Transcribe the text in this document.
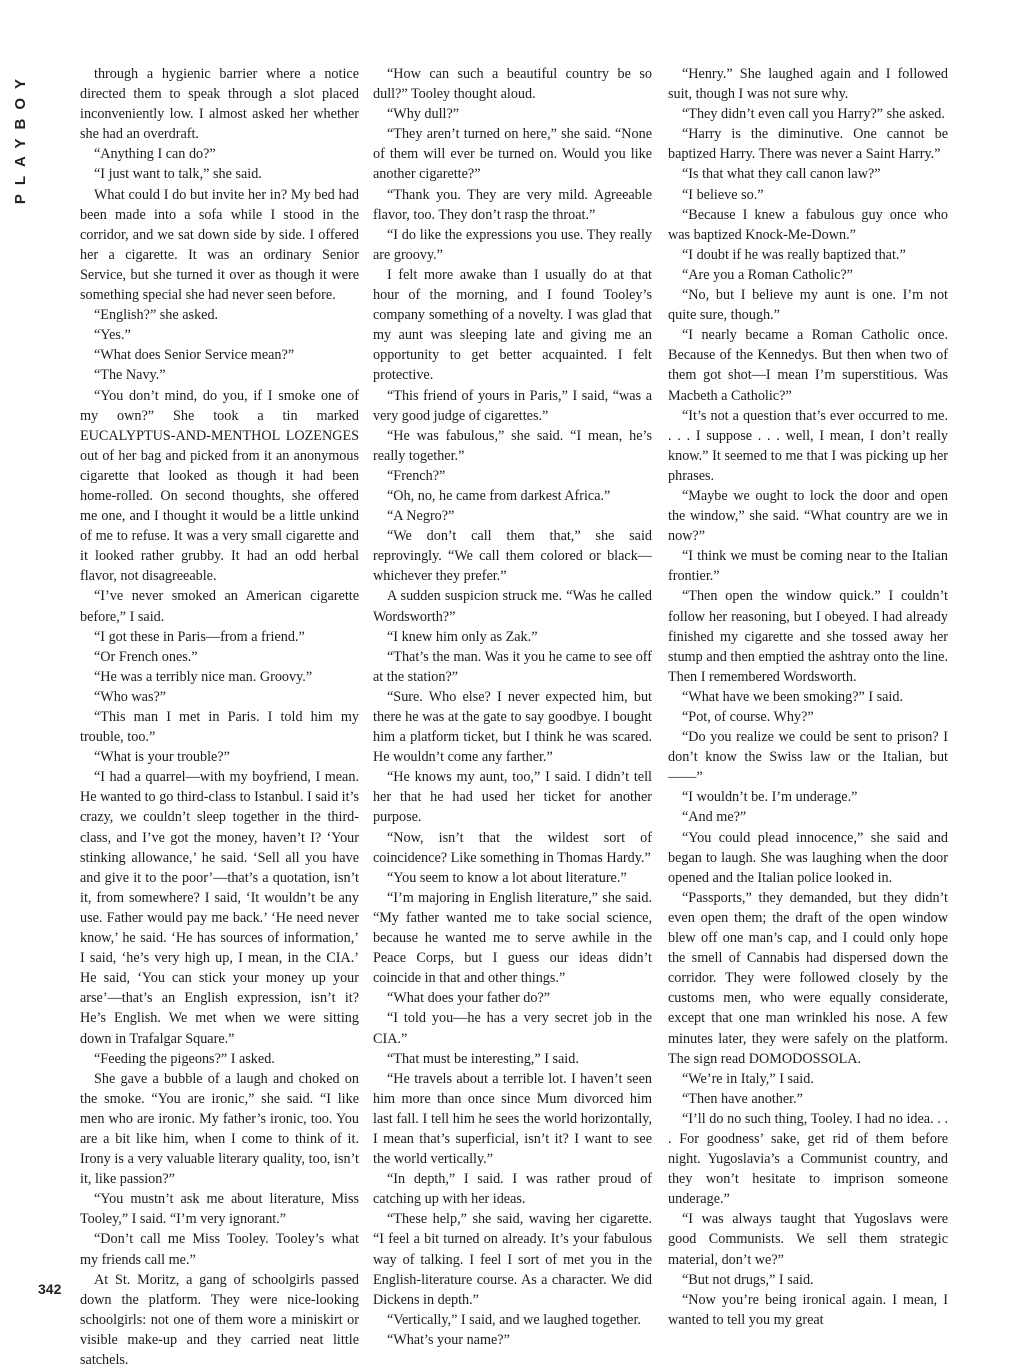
PLAYBOY	through a hygienic barrier where a notice directed them to speak through a slot placed inconveniently low. I almost asked her whether she had an overdraft.

“Anything I can do?”

“I just want to talk,” she said.

What could I do but invite her in? My bed had been made into a sofa while I stood in the corridor, and we sat down side by side. I offered her a cigarette. It was an ordinary Senior Service, but she turned it over as though it were something special she had never seen before.

“English?” she asked.

“Yes.”

“What does Senior Service mean?”

“The Navy.”

“You don’t mind, do you, if I smoke one of my own?” She took a tin marked EUCALYPTUS-AND-MENTHOL LOZENGES out of her bag and picked from it an anonymous cigarette that looked as though it had been home-rolled. On second thoughts, she offered me one, and I thought it would be a little unkind of me to refuse. It was a very small cigarette and it looked rather grubby. It had an odd herbal flavor, not disagreeable.

“I’ve never smoked an American cigarette before,” I said.

“I got these in Paris—from a friend.”

“Or French ones.”

“He was a terribly nice man. Groovy.”

“Who was?”

“This man I met in Paris. I told him my trouble, too.”

“What is your trouble?”

“I had a quarrel—with my boyfriend, I mean. He wanted to go third-class to Istanbul. I said it’s crazy, we couldn’t sleep together in the third-class, and I’ve got the money, haven’t I? ‘Your stinking allowance,’ he said. ‘Sell all you have and give it to the poor’—that’s a quotation, isn’t it, from somewhere? I said, ‘It wouldn’t be any use. Father would pay me back.’ ‘He need never know,’ he said. ‘He has sources of information,’ I said, ‘he’s very high up, I mean, in the CIA.’ He said, ‘You can stick your money up your arse’—that’s an English expression, isn’t it? He’s English. We met when we were sitting down in Trafalgar Square.”

“Feeding the pigeons?” I asked.

She gave a bubble of a laugh and choked on the smoke. “You are ironic,” she said. “I like men who are ironic. My father’s ironic, too. You are a bit like him, when I come to think of it. Irony is a very valuable literary quality, too, isn’t it, like passion?”

“You mustn’t ask me about literature, Miss Tooley,” I said. “I’m very ignorant.”

“Don’t call me Miss Tooley. Tooley’s what my friends call me.”

At St. Moritz, a gang of schoolgirls passed down the platform. They were nice-looking schoolgirls: not one of them wore a miniskirt or visible make-up and they carried neat little satchels.

“How can such a beautiful country be so dull?” Tooley thought aloud.

“Why dull?”

“They aren’t turned on here,” she said. “None of them will ever be turned on. Would you like another cigarette?”

“Thank you. They are very mild. Agreeable flavor, too. They don’t rasp the throat.”

“I do like the expressions you use. They really are groovy.”

I felt more awake than I usually do at that hour of the morning, and I found Tooley’s company something of a novelty. I was glad that my aunt was sleeping late and giving me an opportunity to get better acquainted. I felt protective.

“This friend of yours in Paris,” I said, “was a very good judge of cigarettes.”

“He was fabulous,” she said. “I mean, he’s really together.”

“French?”

“Oh, no, he came from darkest Africa.”

“A Negro?”

“We don’t call them that,” she said reprovingly. “We call them colored or black—whichever they prefer.”

A sudden suspicion struck me. “Was he called Wordsworth?”

“I knew him only as Zak.”

“That’s the man. Was it you he came to see off at the station?”

“Sure. Who else? I never expected him, but there he was at the gate to say goodbye. I bought him a platform ticket, but I think he was scared. He wouldn’t come any farther.”

“He knows my aunt, too,” I said. I didn’t tell her that he had used her ticket for another purpose.

“Now, isn’t that the wildest sort of coincidence? Like something in Thomas Hardy.”

“You seem to know a lot about literature.”

“I’m majoring in English literature,” she said. “My father wanted me to take social science, because he wanted me to serve awhile in the Peace Corps, but I guess our ideas didn’t coincide in that and other things.”

“What does your father do?”

“I told you—he has a very secret job in the CIA.”

“That must be interesting,” I said.

“He travels about a terrible lot. I haven’t seen him more than once since Mum divorced him last fall. I tell him he sees the world horizontally, I mean that’s superficial, isn’t it? I want to see the world vertically.”

“In depth,” I said. I was rather proud of catching up with her ideas.

“These help,” she said, waving her cigarette. “I feel a bit turned on already. It’s your fabulous way of talking. I feel I sort of met you in the English-literature course. As a character. We did Dickens in depth.”

“Vertically,” I said, and we laughed together.

“What’s your name?”

“Henry.” She laughed again and I followed suit, though I was not sure why.

“They didn’t even call you Harry?” she asked.

“Harry is the diminutive. One cannot be baptized Harry. There was never a Saint Harry.”

“Is that what they call canon law?”

“I believe so.”

“Because I knew a fabulous guy once who was baptized Knock-Me-Down.”

“I doubt if he was really baptized that.”

“Are you a Roman Catholic?”

“No, but I believe my aunt is one. I’m not quite sure, though.”

“I nearly became a Roman Catholic once. Because of the Kennedys. But then when two of them got shot—I mean I’m superstitious. Was Macbeth a Catholic?”

“It’s not a question that’s ever occurred to me. . . . I suppose . . . well, I mean, I don’t really know.” It seemed to me that I was picking up her phrases.

“Maybe we ought to lock the door and open the window,” she said. “What country are we in now?”

“I think we must be coming near to the Italian frontier.”

“Then open the window quick.” I couldn’t follow her reasoning, but I obeyed. I had already finished my cigarette and she tossed away her stump and then emptied the ashtray onto the line. Then I remembered Wordsworth.

“What have we been smoking?” I said.

“Pot, of course. Why?”

“Do you realize we could be sent to prison? I don’t know the Swiss law or the Italian, but——”

“I wouldn’t be. I’m underage.”

“And me?”

“You could plead innocence,” she said and began to laugh. She was laughing when the door opened and the Italian police looked in.

“Passports,” they demanded, but they didn’t even open them; the draft of the open window blew off one man’s cap, and I could only hope the smell of Cannabis had dispersed down the corridor. They were followed closely by the customs men, who were equally considerate, except that one man wrinkled his nose. A few minutes later, they were safely on the platform. The sign read DOMODOSSOLA.

“We’re in Italy,” I said.

“Then have another.”

“I’ll do no such thing, Tooley. I had no idea. . . . For goodness’ sake, get rid of them before night. Yugoslavia’s a Communist country, and they won’t hesitate to imprison someone underage.”

“I was always taught that Yugoslavs were good Communists. We sell them strategic material, don’t we?”

“But not drugs,” I said.

“Now you’re being ironical again. I mean, I wanted to tell you my great

342
